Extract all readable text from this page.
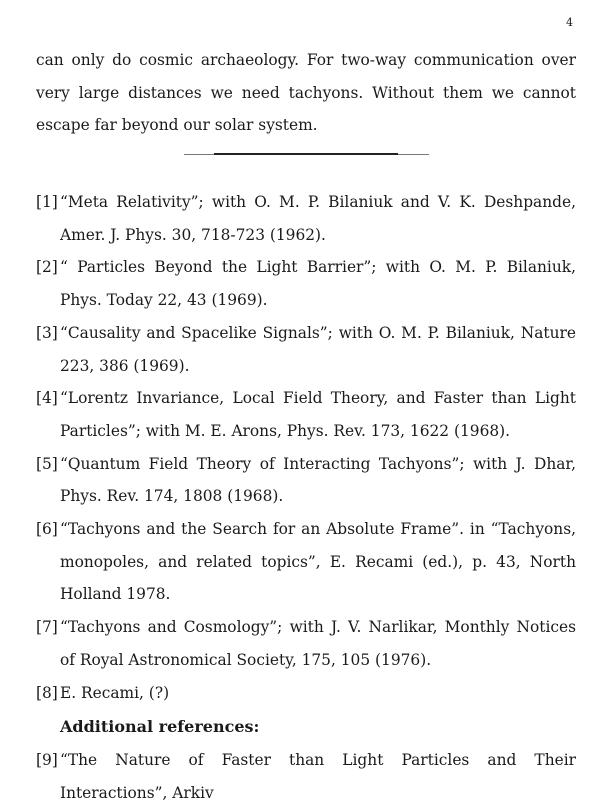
4

can only do cosmic archaeology. For two-way communication over very large distances we need tachyons. Without them we cannot escape far beyond our solar system.

[1] “Meta Relativity”; with O. M. P. Bilaniuk and V. K. Deshpande, Amer. J. Phys. 30, 718-723 (1962).
[2] “ Particles Beyond the Light Barrier”; with O. M. P. Bilaniuk, Phys. Today 22, 43 (1969).
[3] “Causality and Spacelike Signals”; with O. M. P. Bilaniuk, Nature 223, 386 (1969).
[4] “Lorentz Invariance, Local Field Theory, and Faster than Light Particles”; with M. E. Arons, Phys. Rev. 173, 1622 (1968).
[5] “Quantum Field Theory of Interacting Tachyons”; with J. Dhar, Phys. Rev. 174, 1808 (1968).
[6] “Tachyons and the Search for an Absolute Frame”. in “Tachyons, monopoles, and related topics”, E. Recami (ed.), p. 43, North Holland 1978.
[7] “Tachyons and Cosmology”; with J. V. Narlikar, Monthly Notices of Royal Astronomical Society, 175, 105 (1976).
[8] E. Recami, (?)
Additional references:
[9] “The Nature of Faster than Light Particles and Their Interactions”, Arkiv
